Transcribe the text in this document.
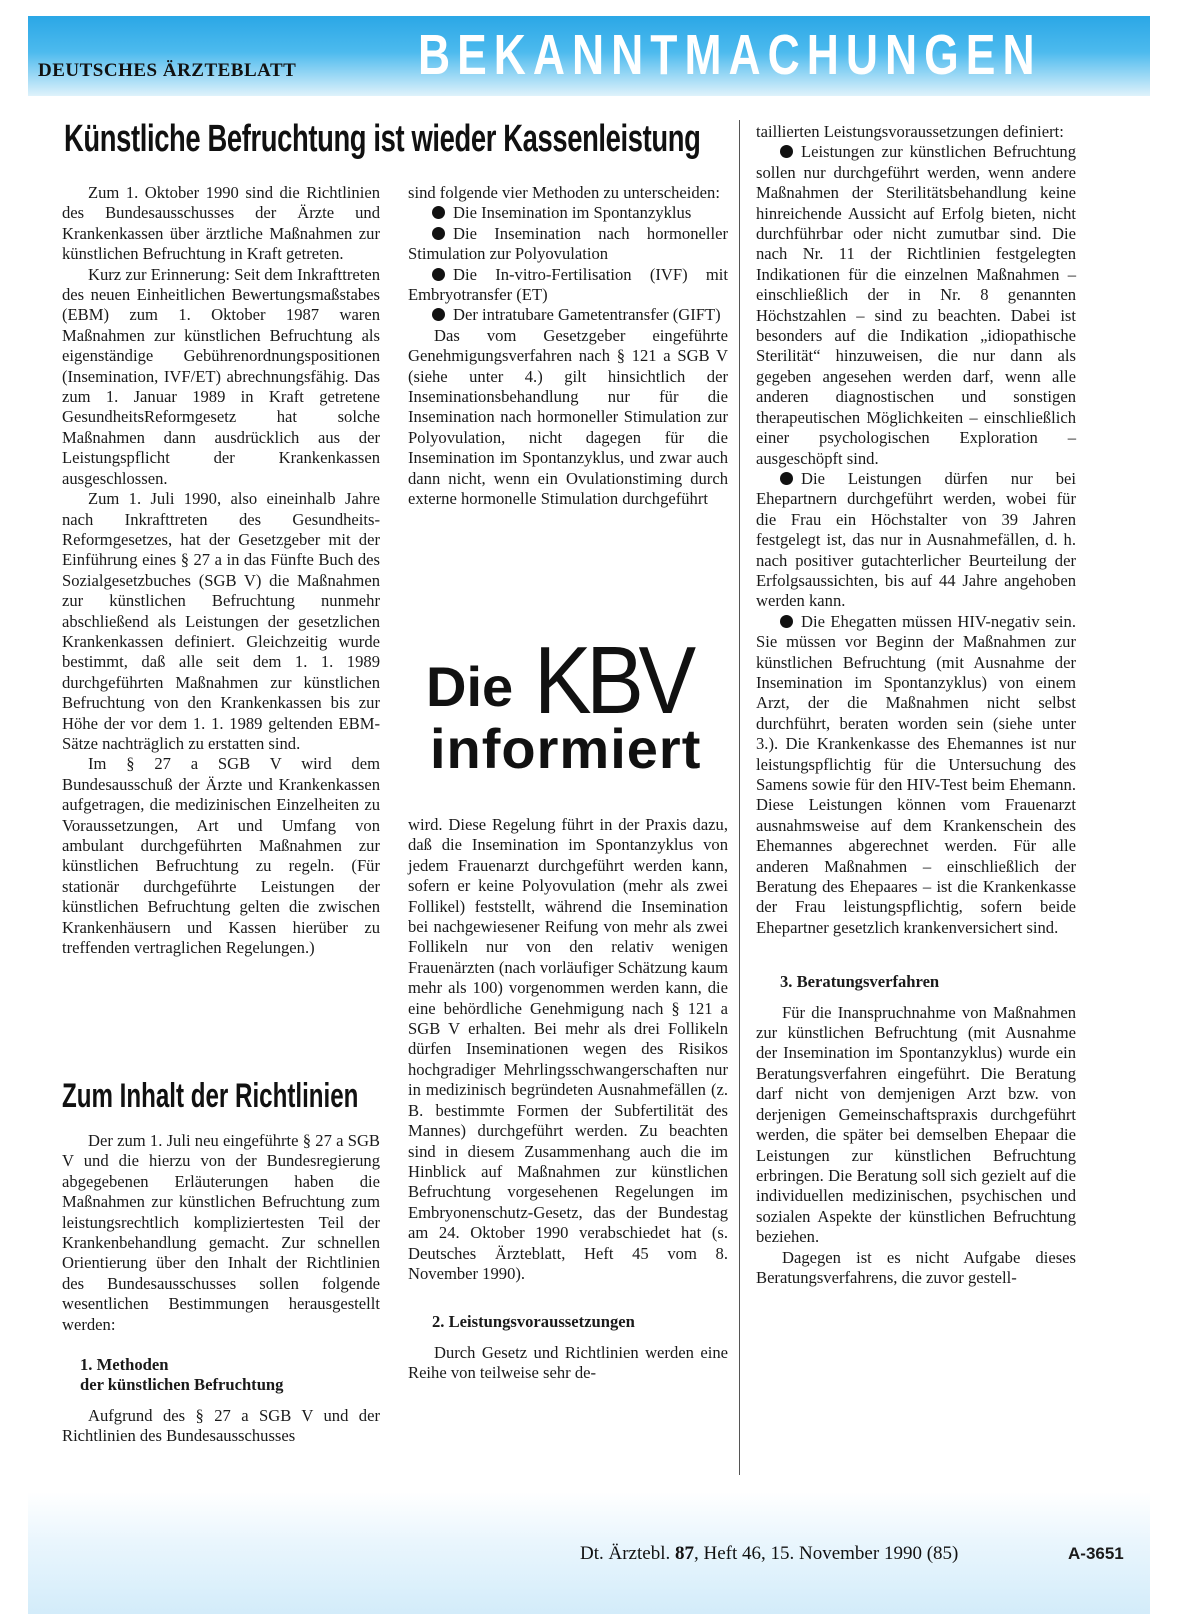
DEUTSCHES ÄRZTEBLATT BEKANNTMACHUNGEN
Künstliche Befruchtung ist wieder Kassenleistung

Zum 1. Oktober 1990 sind die Richtlinien des Bundesausschusses der Ärzte und Krankenkassen über ärztliche Maßnahmen zur künstlichen Befruchtung in Kraft getreten.

Kurz zur Erinnerung: Seit dem Inkrafttreten des neuen Einheitlichen Bewertungsmaßstabes (EBM) zum 1. Oktober 1987 waren Maßnahmen zur künstlichen Befruchtung als eigenständige Gebührenordnungspositionen (Insemination, IVF/ET) abrechnungsfähig. Das zum 1. Januar 1989 in Kraft getretene GesundheitsReformgesetz hat solche Maßnahmen dann ausdrücklich aus der Leistungspflicht der Krankenkassen ausgeschlossen.

Zum 1. Juli 1990, also eineinhalb Jahre nach Inkrafttreten des Gesundheits-Reformgesetzes, hat der Gesetzgeber mit der Einführung eines § 27 a in das Fünfte Buch des Sozialgesetzbuches (SGB V) die Maßnahmen zur künstlichen Befruchtung nunmehr abschließend als Leistungen der gesetzlichen Krankenkassen definiert. Gleichzeitig wurde bestimmt, daß alle seit dem 1. 1. 1989 durchgeführten Maßnahmen zur künstlichen Befruchtung von den Krankenkassen bis zur Höhe der vor dem 1. 1. 1989 geltenden EBM-Sätze nachträglich zu erstatten sind.

Im § 27 a SGB V wird dem Bundesausschuß der Ärzte und Krankenkassen aufgetragen, die medizinischen Einzelheiten zu Voraussetzungen, Art und Umfang von ambulant durchgeführten Maßnahmen zur künstlichen Befruchtung zu regeln. (Für stationär durchgeführte Leistungen der künstlichen Befruchtung gelten die zwischen Krankenhäusern und Kassen hierüber zu treffenden vertraglichen Regelungen.)

Zum Inhalt der Richtlinien

Der zum 1. Juli neu eingeführte § 27 a SGB V und die hierzu von der Bundesregierung abgegebenen Erläuterungen haben die Maßnahmen zur künstlichen Befruchtung zum leistungsrechtlich kompliziertesten Teil der Krankenbehandlung gemacht. Zur schnellen Orientierung über den Inhalt der Richtlinien des Bundesausschusses sollen folgende wesentlichen Bestimmungen herausgestellt werden:

1. Methoden
der künstlichen Befruchtung

Aufgrund des § 27 a SGB V und der Richtlinien des Bundesausschusses

sind folgende vier Methoden zu unterscheiden:

Die Insemination im Spontanzyklus

Die Insemination nach hormoneller Stimulation zur Polyovulation

Die In-vitro-Fertilisation (IVF) mit Embryotransfer (ET)

Der intratubare Gametentransfer (GIFT)

Das vom Gesetzgeber eingeführte Genehmigungsverfahren nach § 121 a SGB V (siehe unter 4.) gilt hinsichtlich der Inseminationsbehandlung nur für die Insemination nach hormoneller Stimulation zur Polyovulation, nicht dagegen für die Insemination im Spontanzyklus, und zwar auch dann nicht, wenn ein Ovulationstiming durch externe hormonelle Stimulation durchgeführt

Die KBV
informiert

wird. Diese Regelung führt in der Praxis dazu, daß die Insemination im Spontanzyklus von jedem Frauenarzt durchgeführt werden kann, sofern er keine Polyovulation (mehr als zwei Follikel) feststellt, während die Insemination bei nachgewiesener Reifung von mehr als zwei Follikeln nur von den relativ wenigen Frauenärzten (nach vorläufiger Schätzung kaum mehr als 100) vorgenommen werden kann, die eine behördliche Genehmigung nach § 121 a SGB V erhalten. Bei mehr als drei Follikeln dürfen Inseminationen wegen des Risikos hochgradiger Mehrlingsschwangerschaften nur in medizinisch begründeten Ausnahmefällen (z. B. bestimmte Formen der Subfertilität des Mannes) durchgeführt werden. Zu beachten sind in diesem Zusammenhang auch die im Hinblick auf Maßnahmen zur künstlichen Befruchtung vorgesehenen Regelungen im Embryonenschutz-Gesetz, das der Bundestag am 24. Oktober 1990 verabschiedet hat (s. Deutsches Ärzteblatt, Heft 45 vom 8. November 1990).

2. Leistungsvoraussetzungen

Durch Gesetz und Richtlinien werden eine Reihe von teilweise sehr de-

taillierten Leistungsvoraussetzungen definiert:

Leistungen zur künstlichen Befruchtung sollen nur durchgeführt werden, wenn andere Maßnahmen der Sterilitätsbehandlung keine hinreichende Aussicht auf Erfolg bieten, nicht durchführbar oder nicht zumutbar sind. Die nach Nr. 11 der Richtlinien festgelegten Indikationen für die einzelnen Maßnahmen – einschließlich der in Nr. 8 genannten Höchstzahlen – sind zu beachten. Dabei ist besonders auf die Indikation „idiopathische Sterilität“ hinzuweisen, die nur dann als gegeben angesehen werden darf, wenn alle anderen diagnostischen und sonstigen therapeutischen Möglichkeiten – einschließlich einer psychologischen Exploration – ausgeschöpft sind.

Die Leistungen dürfen nur bei Ehepartnern durchgeführt werden, wobei für die Frau ein Höchstalter von 39 Jahren festgelegt ist, das nur in Ausnahmefällen, d. h. nach positiver gutachterlicher Beurteilung der Erfolgsaussichten, bis auf 44 Jahre angehoben werden kann.

Die Ehegatten müssen HIV-negativ sein. Sie müssen vor Beginn der Maßnahmen zur künstlichen Befruchtung (mit Ausnahme der Insemination im Spontanzyklus) von einem Arzt, der die Maßnahmen nicht selbst durchführt, beraten worden sein (siehe unter 3.). Die Krankenkasse des Ehemannes ist nur leistungspflichtig für die Untersuchung des Samens sowie für den HIV-Test beim Ehemann. Diese Leistungen können vom Frauenarzt ausnahmsweise auf dem Krankenschein des Ehemannes abgerechnet werden. Für alle anderen Maßnahmen – einschließlich der Beratung des Ehepaares – ist die Krankenkasse der Frau leistungspflichtig, sofern beide Ehepartner gesetzlich krankenversichert sind.

3. Beratungsverfahren

Für die Inanspruchnahme von Maßnahmen zur künstlichen Befruchtung (mit Ausnahme der Insemination im Spontanzyklus) wurde ein Beratungsverfahren eingeführt. Die Beratung darf nicht von demjenigen Arzt bzw. von derjenigen Gemeinschaftspraxis durchgeführt werden, die später bei demselben Ehepaar die Leistungen zur künstlichen Befruchtung erbringen. Die Beratung soll sich gezielt auf die individuellen medizinischen, psychischen und sozialen Aspekte der künstlichen Befruchtung beziehen.

Dagegen ist es nicht Aufgabe dieses Beratungsverfahrens, die zuvor gestell-

Dt. Ärztebl. 87, Heft 46, 15. November 1990 (85)	A-3651
